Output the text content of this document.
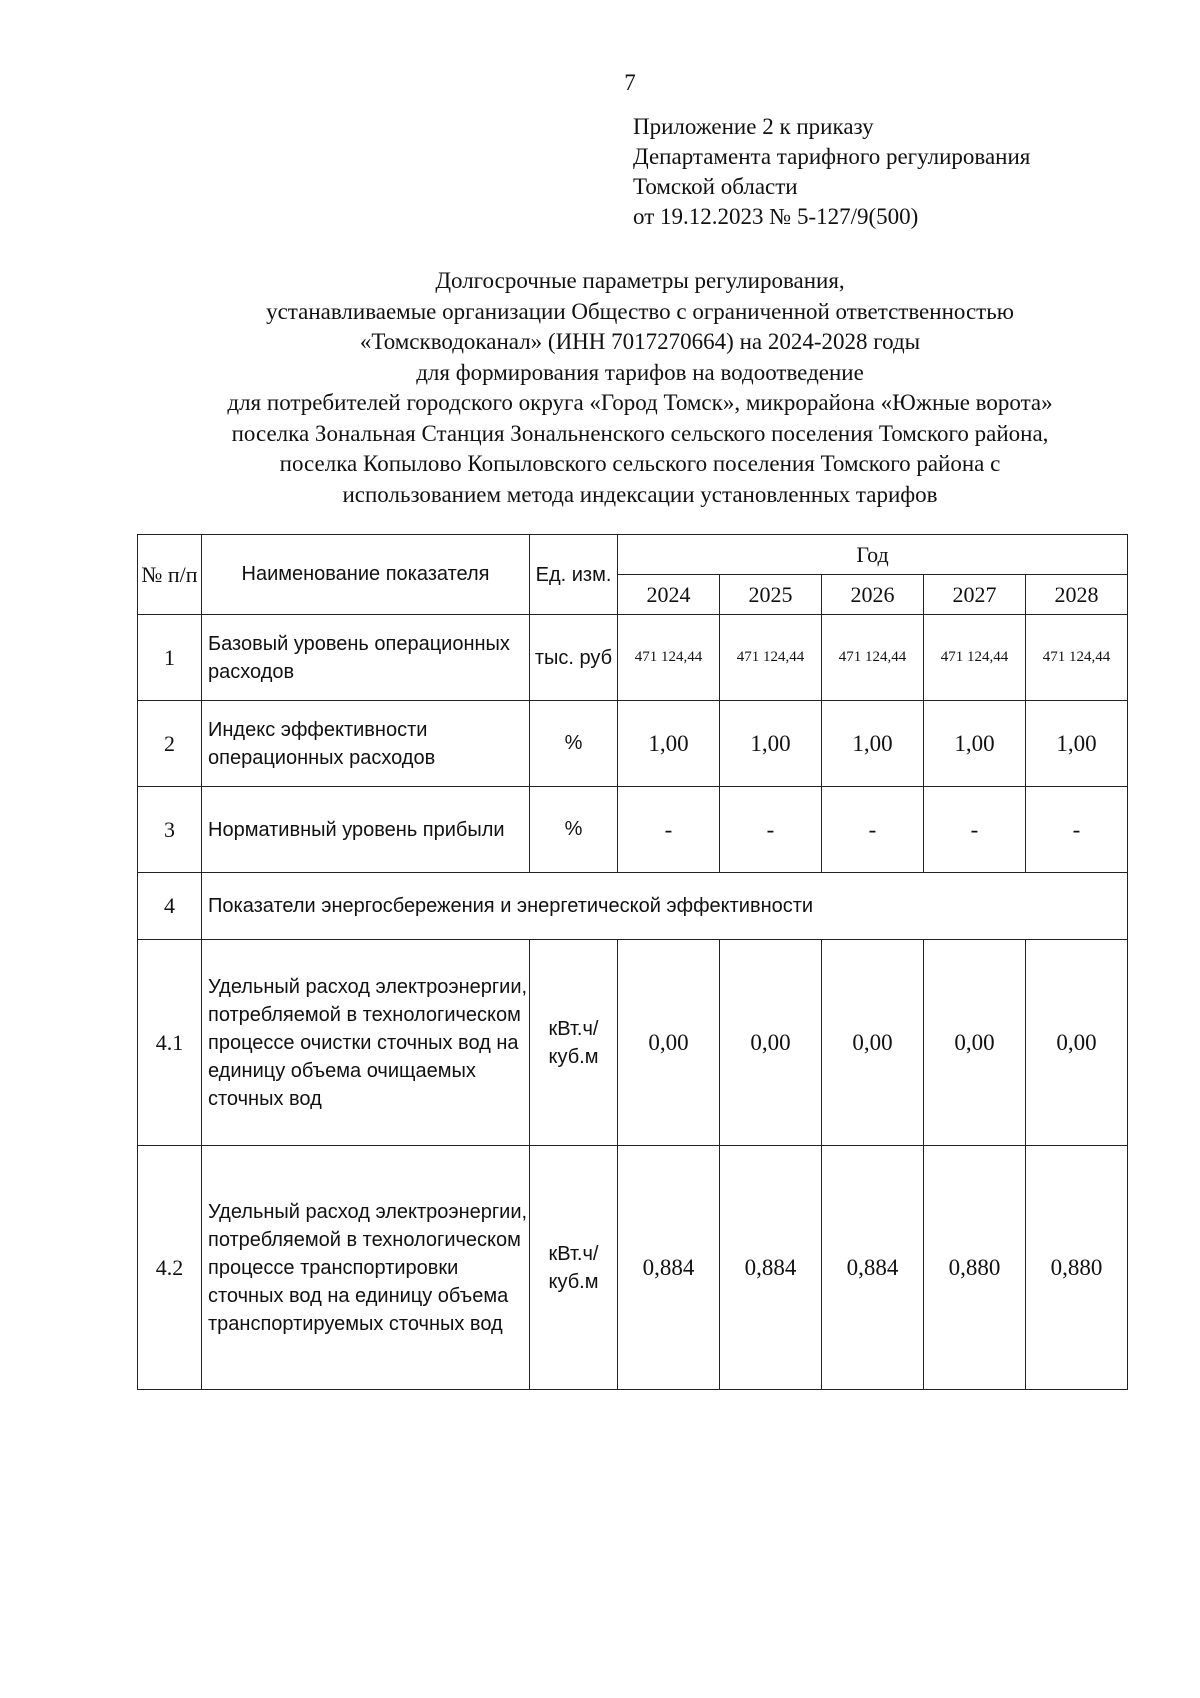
7
Приложение 2 к приказу
Департамента тарифного регулирования
Томской области
от 19.12.2023 № 5-127/9(500)
Долгосрочные параметры регулирования,
устанавливаемые организации Общество с ограниченной ответственностью
«Томскводоканал» (ИНН 7017270664) на 2024-2028 годы
для формирования тарифов на водоотведение
для потребителей городского округа «Город Томск», микрорайона «Южные ворота»
поселка Зональная Станция Зональненского сельского поселения Томского района,
поселка Копылово Копыловского сельского поселения Томского района с
использованием метода индексации установленных тарифов
№ п/п	Наименование показателя	Ед. изм.	Год				
			2024	2025	2026	2027	2028
1	Базовый уровень операционных расходов	тыс. руб	471 124,44	471 124,44	471 124,44	471 124,44	471 124,44
2	Индекс эффективности операционных расходов	%	1,00	1,00	1,00	1,00	1,00
3	Нормативный уровень прибыли	%	-	-	-	-	-
4	Показатели энергосбережения и энергетической эффективности						
4.1	Удельный расход электроэнергии, потребляемой в технологическом процессе очистки сточных вод на единицу объема очищаемых сточных вод	кВт.ч/ куб.м	0,00	0,00	0,00	0,00	0,00
4.2	Удельный расход электроэнергии, потребляемой в технологическом процессе транспортировки сточных вод на единицу объема транспортируемых сточных вод	кВт.ч/ куб.м	0,884	0,884	0,884	0,880	0,880
